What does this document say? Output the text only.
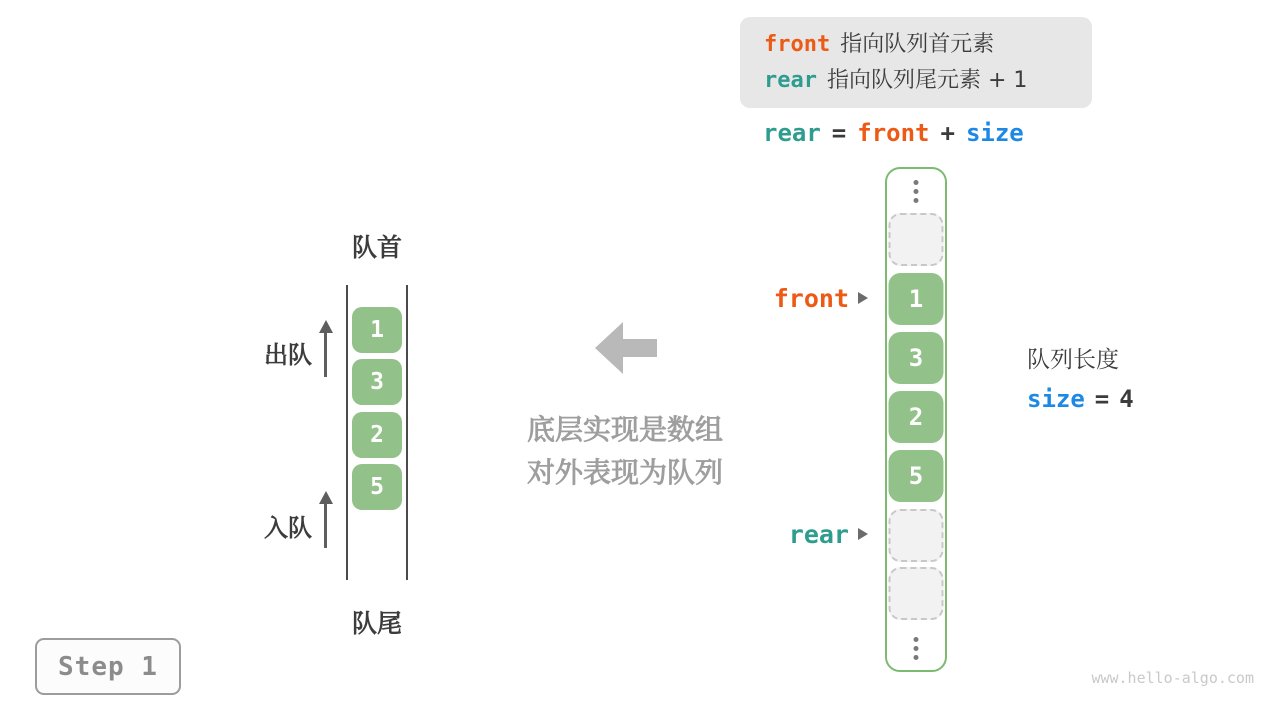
front 指向队列首元素
rear 指向队列尾元素 + 1
rear = front + size
队首
队尾
1
3
2
5
出队
入队
底层实现是数组
对外表现为队列
1
3
2
5
front
rear
队列长度
size = 4
Step 1	www.hello-algo.com
